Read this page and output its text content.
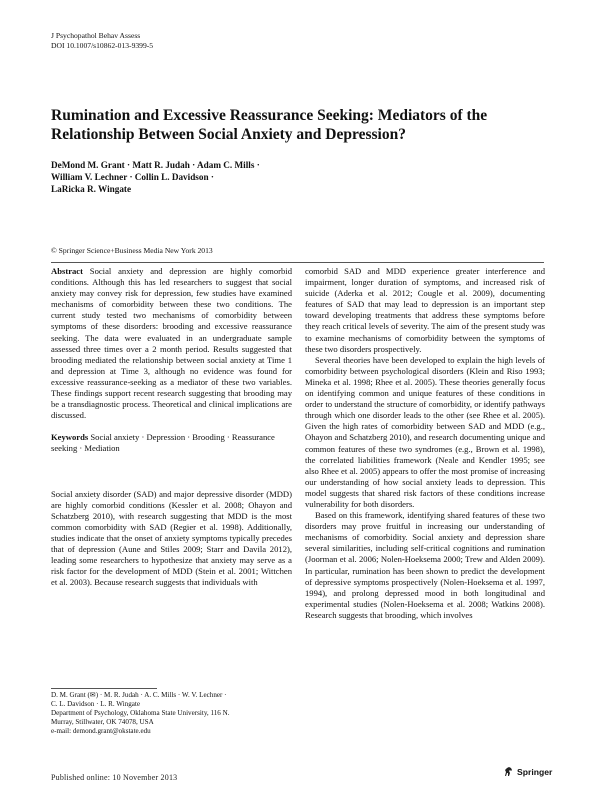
J Psychopathol Behav Assess
DOI 10.1007/s10862-013-9399-5
Rumination and Excessive Reassurance Seeking: Mediators of the Relationship Between Social Anxiety and Depression?
DeMond M. Grant · Matt R. Judah · Adam C. Mills ·
William V. Lechner · Collin L. Davidson ·
LaRicka R. Wingate
© Springer Science+Business Media New York 2013

Abstract Social anxiety and depression are highly comorbid conditions. Although this has led researchers to suggest that social anxiety may convey risk for depression, few studies have examined mechanisms of comorbidity between these two conditions. The current study tested two mechanisms of comorbidity between symptoms of these disorders: brooding and excessive reassurance seeking. The data were evaluated in an undergraduate sample assessed three times over a 2 month period. Results suggested that brooding mediated the relationship between social anxiety at Time 1 and depression at Time 3, although no evidence was found for excessive reassurance-seeking as a mediator of these two variables. These findings support recent research suggesting that brooding may be a transdiagnostic process. Theoretical and clinical implications are discussed.

Keywords Social anxiety · Depression · Brooding · Reassurance seeking · Mediation

Social anxiety disorder (SAD) and major depressive disorder (MDD) are highly comorbid conditions (Kessler et al. 2008; Ohayon and Schatzberg 2010), with research suggesting that MDD is the most common comorbidity with SAD (Regier et al. 1998). Additionally, studies indicate that the onset of anxiety symptoms typically precedes that of depression (Aune and Stiles 2009; Starr and Davila 2012), leading some researchers to hypothesize that anxiety may serve as a risk factor for the development of MDD (Stein et al. 2001; Wittchen et al. 2003). Because research suggests that individuals with

comorbid SAD and MDD experience greater interference and impairment, longer duration of symptoms, and increased risk of suicide (Aderka et al. 2012; Cougle et al. 2009), documenting features of SAD that may lead to depression is an important step toward developing treatments that address these symptoms before they reach critical levels of severity. The aim of the present study was to examine mechanisms of comorbidity between the symptoms of these two disorders prospectively.

Several theories have been developed to explain the high levels of comorbidity between psychological disorders (Klein and Riso 1993; Mineka et al. 1998; Rhee et al. 2005). These theories generally focus on identifying common and unique features of these conditions in order to understand the structure of comorbidity, or identify pathways through which one disorder leads to the other (see Rhee et al. 2005). Given the high rates of comorbidity between SAD and MDD (e.g., Ohayon and Schatzberg 2010), and research documenting unique and common features of these two syndromes (e.g., Brown et al. 1998), the correlated liabilities framework (Neale and Kendler 1995; see also Rhee et al. 2005) appears to offer the most promise of increasing our understanding of how social anxiety leads to depression. This model suggests that shared risk factors of these conditions increase vulnerability for both disorders.

Based on this framework, identifying shared features of these two disorders may prove fruitful in increasing our understanding of mechanisms of comorbidity. Social anxiety and depression share several similarities, including self-critical cognitions and rumination (Joorman et al. 2006; Nolen-Hoeksema 2000; Trew and Alden 2009). In particular, rumination has been shown to predict the development of depressive symptoms prospectively (Nolen-Hoeksema et al. 1997, 1994), and prolong depressed mood in both longitudinal and experimental studies (Nolen-Hoeksema et al. 2008; Watkins 2008). Research suggests that brooding, which involves

D. M. Grant (✉) · M. R. Judah · A. C. Mills · W. V. Lechner ·
C. L. Davidson · L. R. Wingate
Department of Psychology, Oklahoma State University, 116 N.
Murray, Stillwater, OK 74078, USA
e-mail: demond.grant@okstate.edu
Published online: 10 November 2013
Springer
